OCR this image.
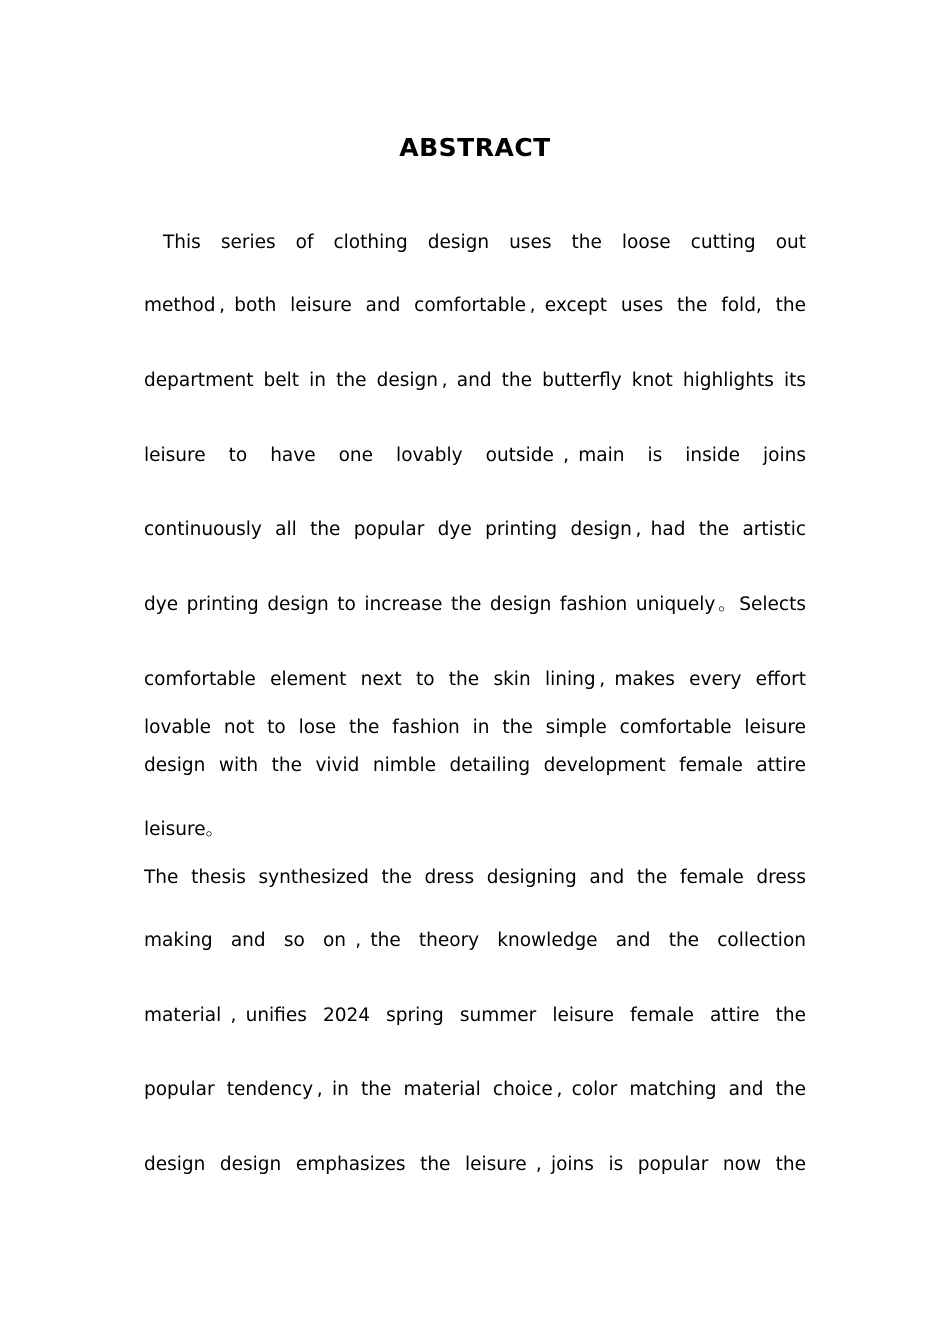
ABSTRACT

This series of clothing design uses the loose cutting out

method , both leisure and comfortable , except uses the fold, the

department belt in the design , and the butterfly knot highlights its

leisure to have one lovably outside , main is inside joins

continuously all the popular dye printing design , had the artistic

dye printing design to increase the design fashion uniquely。Selects

comfortable element next to the skin lining , makes every effort

lovable not to lose the fashion in the simple comfortable leisure

design with the vivid nimble detailing development female attire

leisure。

The thesis synthesized the dress designing and the female dress

making and so on , the theory knowledge and the collection

material , unifies 2024 spring summer leisure female attire the

popular tendency , in the material choice , color matching and the

design design emphasizes the leisure , joins is popular now the
